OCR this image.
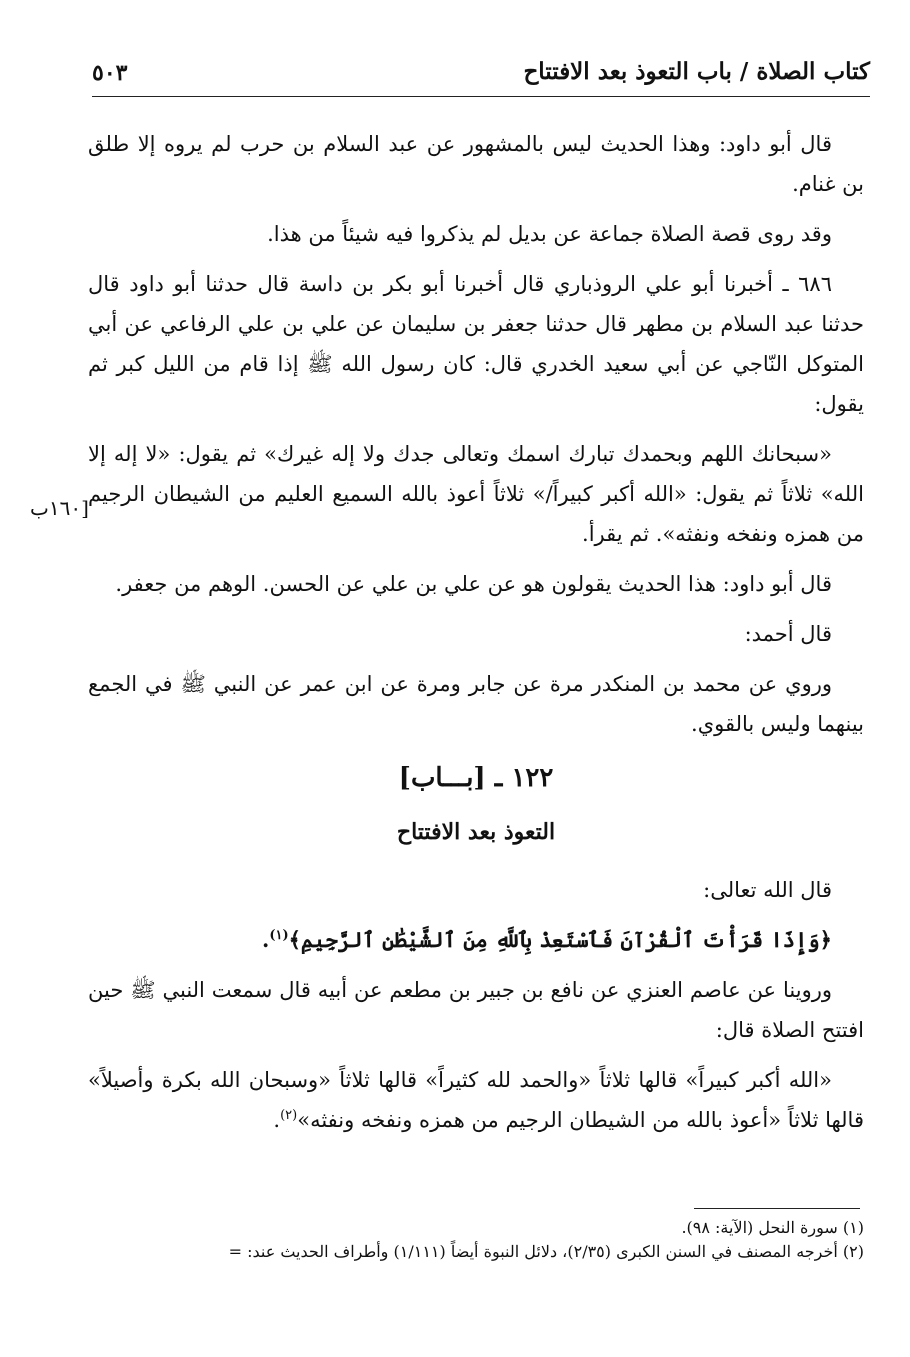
كتاب الصلاة / باب التعوذ بعد الافتتاح
٥٠٣
[١٦٠ب

قال أبو داود: وهذا الحديث ليس بالمشهور عن عبد السلام بن حرب لم يروه إلا طلق بن غنام.

وقد روى قصة الصلاة جماعة عن بديل لم يذكروا فيه شيئاً من هذا.

٦٨٦ ـ أخبرنا أبو علي الروذباري قال أخبرنا أبو بكر بن داسة قال حدثنا أبو داود قال حدثنا عبد السلام بن مطهر قال حدثنا جعفر بن سليمان عن علي بن علي الرفاعي عن أبي المتوكل النّاجي عن أبي سعيد الخدري قال: كان رسول الله ﷺ إذا قام من الليل كبر ثم يقول:

«سبحانك اللهم وبحمدك تبارك اسمك وتعالى جدك ولا إله غيرك» ثم يقول: «لا إله إلا الله» ثلاثاً ثم يقول: «الله أكبر كبيراً/» ثلاثاً أعوذ بالله السميع العليم من الشيطان الرجيم من همزه ونفخه ونفثه». ثم يقرأ.

قال أبو داود: هذا الحديث يقولون هو عن علي بن علي عن الحسن. الوهم من جعفر.

قال أحمد:

وروي عن محمد بن المنكدر مرة عن جابر ومرة عن ابن عمر عن النبي ﷺ في الجمع بينهما وليس بالقوي.

١٢٢ ـ [بـــاب]

التعوذ بعد الافتتاح

قال الله تعالى:

﴿وَإِذَا قَرَأْتَ ٱلْقُرْآنَ فَٱسْتَعِذْ بِٱللَّهِ مِنَ ٱلشَّيْطَٰنِ ٱلرَّجِيمِ﴾$^{(١)}$.

وروينا عن عاصم العنزي عن نافع بن جبير بن مطعم عن أبيه قال سمعت النبي ﷺ حين افتتح الصلاة قال:

«الله أكبر كبيراً» قالها ثلاثاً «والحمد لله كثيراً» قالها ثلاثاً «وسبحان الله بكرة وأصيلاً» قالها ثلاثاً «أعوذ بالله من الشيطان الرجيم من همزه ونفخه ونفثه»$^{(٢)}$.

(١) سورة النحل (الآية: ٩٨).
(٢) أخرجه المصنف في السنن الكبرى (٢/٣٥)، دلائل النبوة أيضاً (١/١١١) وأطراف الحديث عند: =
